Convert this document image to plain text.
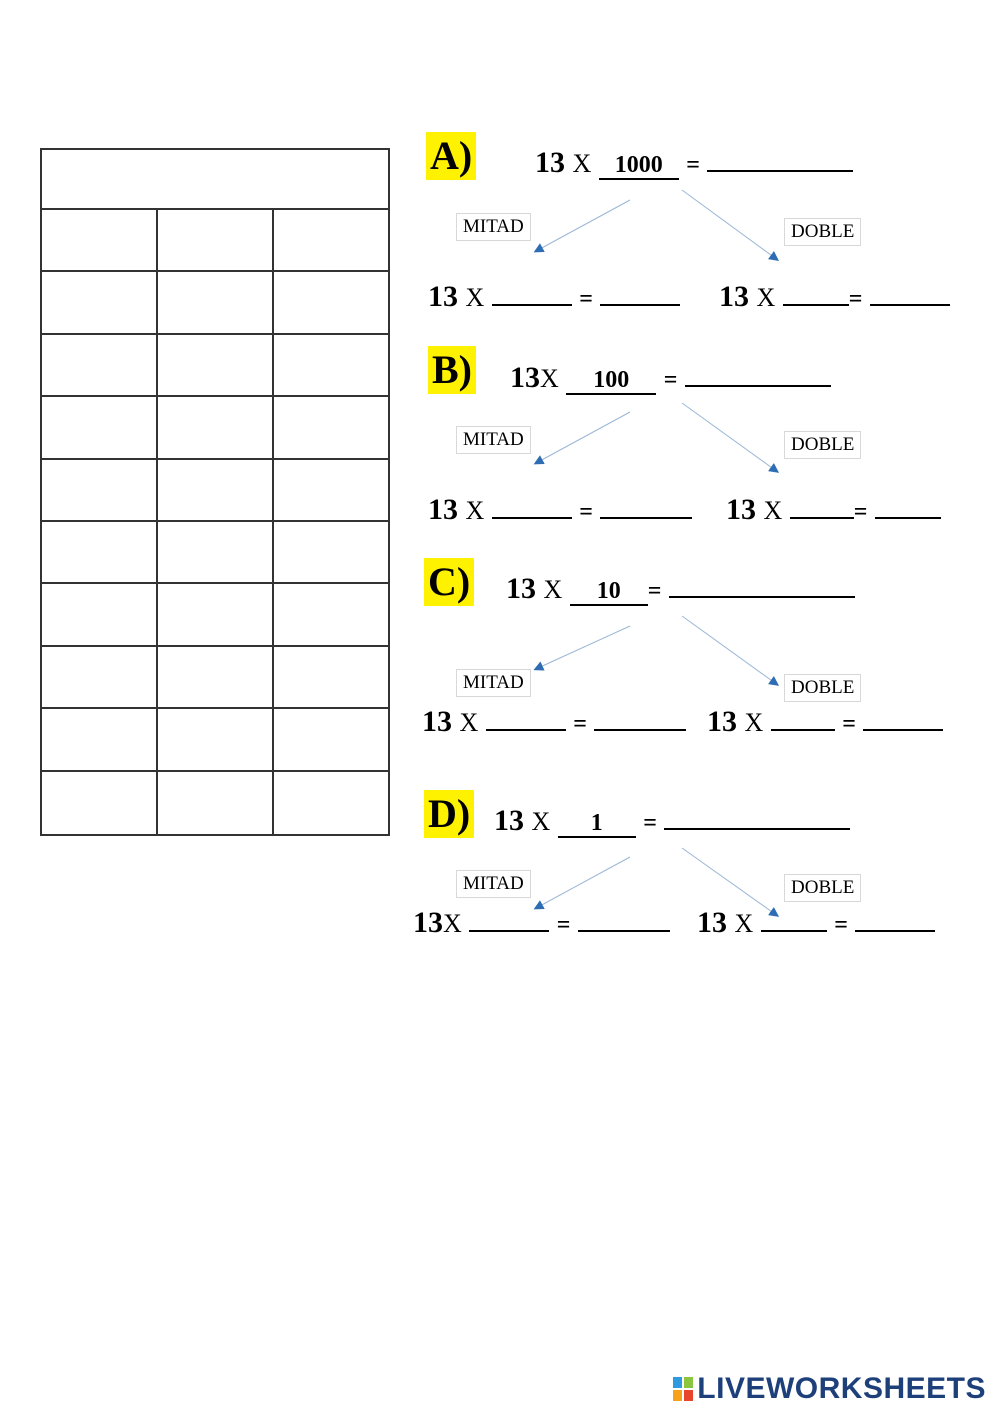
A) 13 X 1000 =
MITAD	DOBLE
13 X	=	13 X	=
B) 13X 100 =
MITAD	DOBLE
13 X	=	13 X	=
C) 13 X 10 =
MITAD	DOBLE
13 X	=	13 X	=
D) 13 X 1 =
MITAD	DOBLE
13X	=	13 X	=
LIVEWORKSHEETS
